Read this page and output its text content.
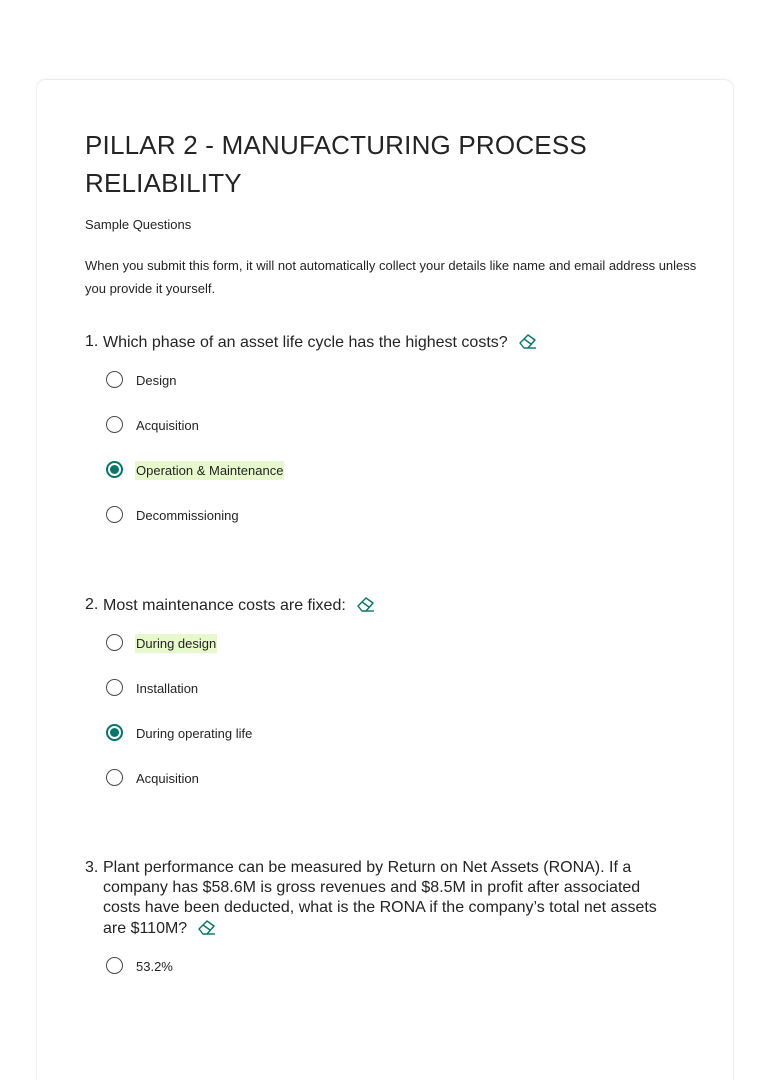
PILLAR 2 - MANUFACTURING PROCESS RELIABILITY
Sample Questions
When you submit this form, it will not automatically collect your details like name and email address unless you provide it yourself.
1. Which phase of an asset life cycle has the highest costs?
Design
Acquisition
Operation & Maintenance
Decommissioning
2. Most maintenance costs are fixed:
During design
Installation
During operating life
Acquisition
3. Plant performance can be measured by Return on Net Assets (RONA). If a company has $58.6M is gross revenues and $8.5M in profit after associated costs have been deducted, what is the RONA if the company’s total net assets are $110M?
53.2%
